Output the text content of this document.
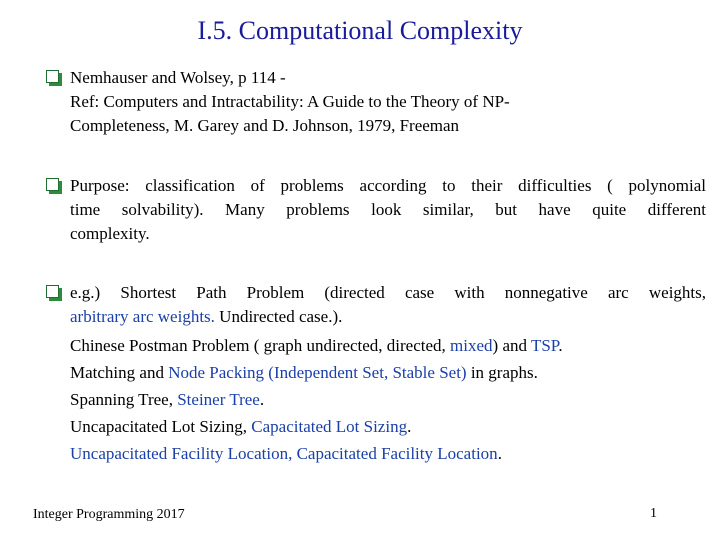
I.5. Computational Complexity
Nemhauser and Wolsey, p 114 -
Ref: Computers and Intractability: A Guide to the Theory of NP-
Completeness, M. Garey and D. Johnson, 1979, Freeman
Purpose: classification of problems according to their difficulties ( polynomial
time solvability). Many problems look similar, but have quite different
complexity.
e.g.) Shortest Path Problem (directed case with nonnegative arc weights,
arbitrary arc weights. Undirected case.).
Chinese Postman Problem ( graph undirected, directed, mixed) and TSP.
Matching and Node Packing (Independent Set, Stable Set) in graphs.
Spanning Tree, Steiner Tree.
Uncapacitated Lot Sizing, Capacitated Lot Sizing.
Uncapacitated Facility Location, Capacitated Facility Location.
Integer Programming 2017	1
